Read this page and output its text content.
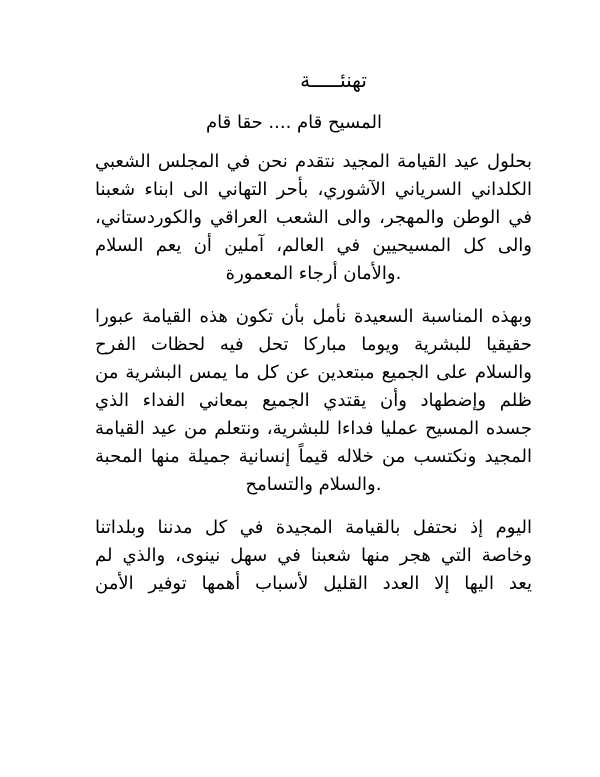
تهنئـــــة
المسيح قام .... حقا قام
بحلول عيد القيامة المجيد نتقدم نحن في المجلس الشعبي
الكلداني السرياني الآشوري، بأحر التهاني الى ابناء شعبنا
في الوطن والمهجر، والى الشعب العراقي والكوردستاني،
والى كل المسيحيين في العالم، آملين أن يعم السلام
.والأمان أرجاء المعمورة
وبهذه المناسبة السعيدة نأمل بأن تكون هذه القيامة عبورا
حقيقيا للبشرية ويوما مباركا تحل فيه لحظات الفرح
والسلام على الجميع مبتعدين عن كل ما يمس البشرية من
ظلم وإضطهاد وأن يقتدي الجميع بمعاني الفداء الذي
جسده المسيح عمليا فداءا للبشرية، ونتعلم من عيد القيامة
المجيد ونكتسب من خلاله قيماً إنسانية جميلة منها المحبة
.والسلام والتسامح
اليوم إذ نحتفل بالقيامة المجيدة في كل مدننا وبلداتنا
وخاصة التي هجر منها شعبنا في سهل نينوى، والذي لم
يعد اليها إلا العدد القليل لأسباب أهمها توفير الأمن
